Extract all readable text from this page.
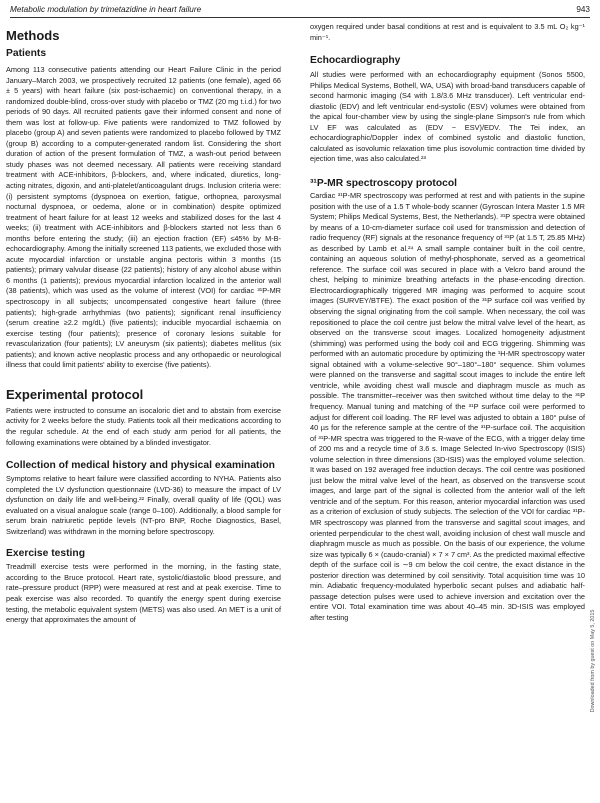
Metabolic modulation by trimetazidine in heart failure	943
Methods
Patients

Among 113 consecutive patients attending our Heart Failure Clinic in the period January–March 2003, we prospectively recruited 12 patients (one female), aged 66 ± 5 years) with heart failure (six post-ischaemic) on conventional therapy, in a randomized double-blind, cross-over study with placebo or TMZ (20 mg t.i.d.) for two periods of 90 days. All recruited patients gave their informed consent and none of them was lost at follow-up. Five patients were randomized to TMZ followed by placebo (group A) and seven patients were randomized to placebo followed by TMZ (group B) according to a computer-generated random list. Considering the short duration of action of the present formulation of TMZ, a wash-out period between study phases was not deemed necessary. All patients were receiving standard treatment with ACE-inhibitors, β-blockers, and, where indicated, diuretics, long-acting nitrates, digoxin, and anti-platelet/anticoagulant drugs. Inclusion criteria were: (i) persistent symptoms (dyspnoea on exertion, fatigue, orthopnea, paroxysmal nocturnal dyspnoea, or oedema, alone or in combination) despite optimized treatment of heart failure for at least 12 weeks and stabilized doses for the last 4 weeks; (ii) treatment with ACE-inhibitors and β-blockers started not less than 6 months before entering the study; (iii) an ejection fraction (EF) ≤45% by M-B-echocardiography. Among the initially screened 113 patients, we excluded those with acute myocardial infarction or unstable angina pectoris within 3 months (15 patients); primary valvular disease (22 patients); history of any alcohol abuse within 6 months (1 patients); previous myocardial infarction localized in the anterior wall (38 patients), which was used as the volume of interest (VOI) for cardiac ³¹P-MR spectroscopy in all subjects; uncompensated congestive heart failure (three patients); high-grade arrhythmias (two patients); significant renal insufficiency (serum creatine ≥2.2 mg/dL) (five patients); inducible myocardial ischaemia on exercise testing (four patients); presence of coronary lesions suitable for revascularization (four patients); LV aneurysm (six patients); diabetes mellitus (six patients); and known active neoplastic process and any orthopaedic or neurological illness that could limit patients' ability to exercise (five patients).

Experimental protocol

Patients were instructed to consume an isocaloric diet and to abstain from exercise activity for 2 weeks before the study. Patients took all their medications according to the regular schedule. At the end of each study arm period for all patients, the following examinations were obtained by a blinded investigator.

Collection of medical history and physical examination

Symptoms relative to heart failure were classified according to NYHA. Patients also completed the LV dysfunction questionnaire (LVD-36) to measure the impact of LV dysfunction on daily life and well-being.²² Finally, overall quality of life (QOL) was evaluated on a visual analogue scale (range 0–100). Additionally, a blood sample for serum brain natriuretic peptide levels (NT-pro BNP, Roche Diagnostics, Basel, Switzerland) was withdrawn in the morning before spectroscopy.

Exercise testing

Treadmill exercise tests were performed in the morning, in the fasting state, according to the Bruce protocol. Heart rate, systolic/diastolic blood pressure, and rate–pressure product (RPP) were measured at rest and at peak exercise. Time to peak exercise was also recorded. To quantify the energy spent during exercise testing, the metabolic equivalent system (METS) was also used. An MET is a unit of energy that approximates the amount of

oxygen required under basal conditions at rest and is equivalent to 3.5 mL O₂ kg⁻¹ min⁻¹.

Echocardiography

All studies were performed with an echocardiography equipment (Sonos 5500, Philips Medical Systems, Bothell, WA, USA) with broad-band transducers capable of second harmonic imaging (S4 with 1.8/3.6 MHz transducer). Left ventricular end-diastolic (EDV) and left ventricular end-systolic (ESV) volumes were obtained from the apical four-chamber view by using the single-plane Simpson's rule from which LV EF was calculated as (EDV − ESV)/EDV. The Tei index, an echocardiographic/Doppler index of combined systolic and diastolic function, calculated as isovolumic relaxation time plus isovolumic contraction time divided by ejection time, was also calculated.²³

³¹P-MR spectroscopy protocol

Cardiac ³¹P-MR spectroscopy was performed at rest and with patients in the supine position with the use of a 1.5 T whole-body scanner (Gyroscan Intera Master 1.5 MR System; Philips Medical Systems, Best, the Netherlands). ³¹P spectra were obtained by means of a 10-cm-diameter surface coil used for transmission and detection of radio frequency (RF) signals at the resonance frequency of ³¹P (at 1.5 T, 25.85 MHz) as described by Lamb et al.²⁴ A small sample container built in the coil centre, containing an aqueous solution of methyl-phosphonate, served as a geometrical reference. The surface coil was secured in place with a Velcro band around the chest, helping to minimize breathing artefacts in the phase-encoding direction. Electrocardiographically triggered MR imaging was performed to acquire scout images (SURVEY/BTFE). The exact position of the ³¹P surface coil was verified by observing the signal originating from the coil sample. When necessary, the coil was repositioned to place the coil centre just below the mitral valve level of the heart, as observed on the transverse scout images. Localized homogeneity adjustment (shimming) was performed using the body coil and ECG triggering. Shimming was performed with an automatic procedure by optimizing the ¹H-MR spectroscopy water signal obtained with a volume-selective 90°–180°–180° sequence. Shim volumes were planned on the transverse and sagittal scout images to include the entire left ventricle, while avoiding chest wall muscle and diaphragm muscle as much as possible. The transmitter–receiver was then switched without time delay to the ³¹P frequency. Manual tuning and matching of the ³¹P surface coil were performed to adjust for different coil loading. The RF level was adjusted to obtain a 180° pulse of 40 µs for the reference sample at the centre of the ³¹P-surface coil. The acquisition of ³¹P-MR spectra was triggered to the R-wave of the ECG, with a trigger delay time of 200 ms and a recycle time of 3.6 s. Image Selected In-vivo Spectroscopy (ISIS) volume selection in three dimensions (3D-ISIS) was the employed volume selection. It was based on 192 averaged free induction decays. The coil centre was positioned just below the mitral valve level of the heart, as observed on the transverse scout images, and large part of the signal is collected from the anterior wall of the left ventricle and of the septum. For this reason, anterior myocardial infarction was used as a criterion of exclusion of study subjects. The selection of the VOI for cardiac ³¹P-MR spectroscopy was planned from the transverse and sagittal scout images, and oriented perpendicular to the chest wall, avoiding inclusion of chest wall muscle and diaphragm muscle as much as possible. On the basis of our experience, the volume size was typically 6 × (caudo-cranial) × 7 × 7 cm³. As the predicted maximal effective depth of the surface coil is ∼9 cm below the coil centre, the exact distance in the posterior direction was determined by coil sensitivity. Total acquisition time was 10 min. Adiabatic frequency-modulated hyperbolic secant pulses and adiabatic half-passage detection pulses were used to achieve inversion and excitation over the entire VOI. Total examination time was about 40–45 min. 3D-ISIS was employed after testing	Downloaded from by guest on May 5, 2015
